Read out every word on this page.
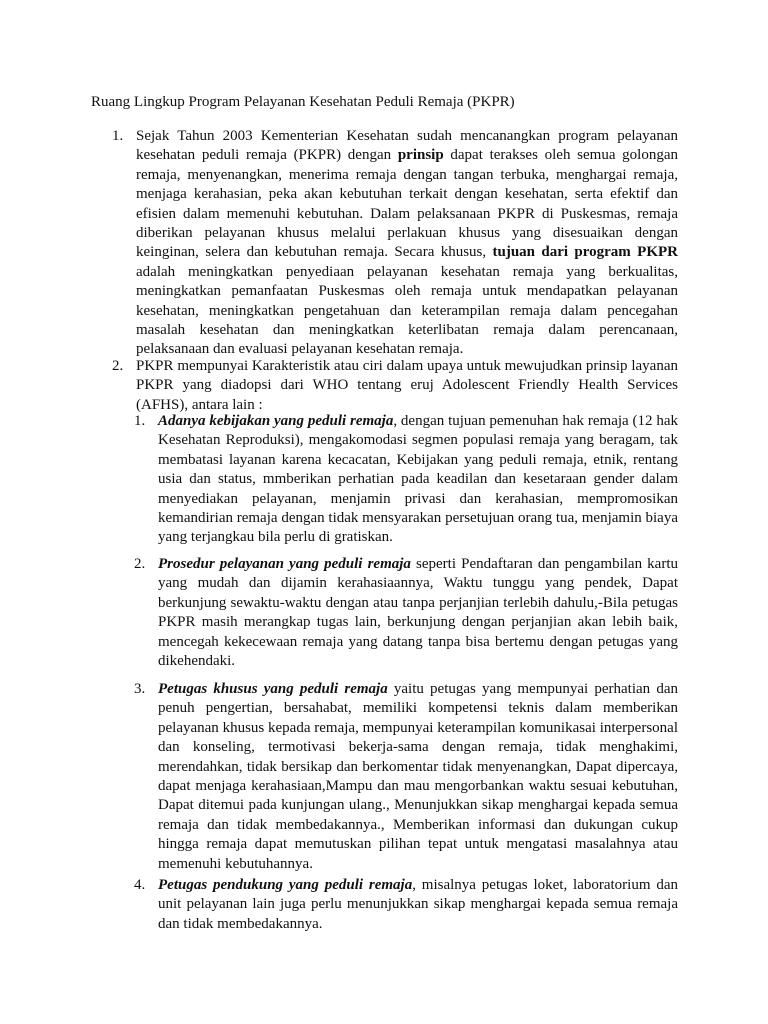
Ruang Lingkup Program Pelayanan Kesehatan Peduli Remaja (PKPR)
1. Sejak Tahun 2003 Kementerian Kesehatan sudah mencanangkan program pelayanan kesehatan peduli remaja (PKPR) dengan prinsip dapat terakses oleh semua golongan remaja, menyenangkan, menerima remaja dengan tangan terbuka, menghargai remaja, menjaga kerahasian, peka akan kebutuhan terkait dengan kesehatan, serta efektif dan efisien dalam memenuhi kebutuhan. Dalam pelaksanaan PKPR di Puskesmas, remaja diberikan pelayanan khusus melalui perlakuan khusus yang disesuaikan dengan keinginan, selera dan kebutuhan remaja. Secara khusus, tujuan dari program PKPR adalah meningkatkan penyediaan pelayanan kesehatan remaja yang berkualitas, meningkatkan pemanfaatan Puskesmas oleh remaja untuk mendapatkan pelayanan kesehatan, meningkatkan pengetahuan dan keterampilan remaja dalam pencegahan masalah kesehatan dan meningkatkan keterlibatan remaja dalam perencanaan, pelaksanaan dan evaluasi pelayanan kesehatan remaja.
2. PKPR mempunyai Karakteristik atau ciri dalam upaya untuk mewujudkan prinsip layanan PKPR yang diadopsi dari WHO tentang eruj Adolescent Friendly Health Services (AFHS), antara lain :
1. Adanya kebijakan yang peduli remaja, dengan tujuan pemenuhan hak remaja (12 hak Kesehatan Reproduksi), mengakomodasi segmen populasi remaja yang beragam, tak membatasi layanan karena kecacatan, Kebijakan yang peduli remaja, etnik, rentang usia dan status, mmberikan perhatian pada keadilan dan kesetaraan gender dalam menyediakan pelayanan, menjamin privasi dan kerahasian, mempromosikan kemandirian remaja dengan tidak mensyarakan persetujuan orang tua, menjamin biaya yang terjangkau bila perlu di gratiskan.
2. Prosedur pelayanan yang peduli remaja seperti Pendaftaran dan pengambilan kartu yang mudah dan dijamin kerahasiaannya, Waktu tunggu yang pendek, Dapat berkunjung sewaktu-waktu dengan atau tanpa perjanjian terlebih dahulu,-Bila petugas PKPR masih merangkap tugas lain, berkunjung dengan perjanjian akan lebih baik, mencegah kekecewaan remaja yang datang tanpa bisa bertemu dengan petugas yang dikehendaki.
3. Petugas khusus yang peduli remaja yaitu petugas yang mempunyai perhatian dan penuh pengertian, bersahabat, memiliki kompetensi teknis dalam memberikan pelayanan khusus kepada remaja, mempunyai keterampilan komunikasai interpersonal dan konseling, termotivasi bekerja-sama dengan remaja, tidak menghakimi, merendahkan, tidak bersikap dan berkomentar tidak menyenangkan, Dapat dipercaya, dapat menjaga kerahasiaan,Mampu dan mau mengorbankan waktu sesuai kebutuhan, Dapat ditemui pada kunjungan ulang., Menunjukkan sikap menghargai kepada semua remaja dan tidak membedakannya., Memberikan informasi dan dukungan cukup hingga remaja dapat memutuskan pilihan tepat untuk mengatasi masalahnya atau memenuhi kebutuhannya.
4. Petugas pendukung yang peduli remaja, misalnya petugas loket, laboratorium dan unit pelayanan lain juga perlu menunjukkan sikap menghargai kepada semua remaja dan tidak membedakannya.
